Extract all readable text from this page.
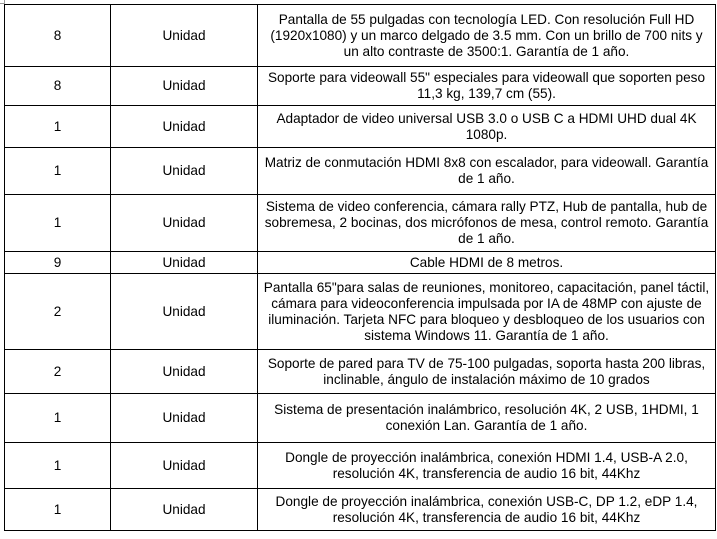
8	Unidad	Pantalla de 55 pulgadas con tecnología LED. Con resolución Full HD (1920x1080) y un marco delgado de 3.5 mm. Con un brillo de 700 nits y un alto contraste de 3500:1. Garantía de 1 año.
8	Unidad	Soporte para videowall 55" especiales para videowall que soporten peso 11,3 kg, 139,7 cm (55).
1	Unidad	Adaptador de video universal USB 3.0 o USB C a HDMI UHD dual 4K 1080p.
1	Unidad	Matriz de conmutación HDMI 8x8 con escalador, para videowall. Garantía de 1 año.
1	Unidad	Sistema de video conferencia, cámara rally PTZ, Hub de pantalla, hub de sobremesa, 2 bocinas, dos micrófonos de mesa, control remoto. Garantía de 1 año.
9	Unidad	Cable HDMI de 8 metros.
2	Unidad	Pantalla 65"para salas de reuniones, monitoreo, capacitación, panel táctil, cámara para videoconferencia impulsada por IA de 48MP con ajuste de iluminación. Tarjeta NFC para bloqueo y desbloqueo de los usuarios con sistema Windows 11. Garantía de 1 año.
2	Unidad	Soporte de pared para TV de 75-100 pulgadas, soporta hasta 200 libras, inclinable, ángulo de instalación máximo de 10 grados
1	Unidad	Sistema de presentación inalámbrico, resolución 4K, 2 USB, 1HDMI, 1 conexión Lan. Garantía de 1 año.
1	Unidad	Dongle de proyección inalámbrica, conexión HDMI 1.4, USB-A 2.0, resolución 4K, transferencia de audio 16 bit, 44Khz
1	Unidad	Dongle de proyección inalámbrica, conexión USB-C, DP 1.2, eDP 1.4, resolución 4K, transferencia de audio 16 bit, 44Khz
